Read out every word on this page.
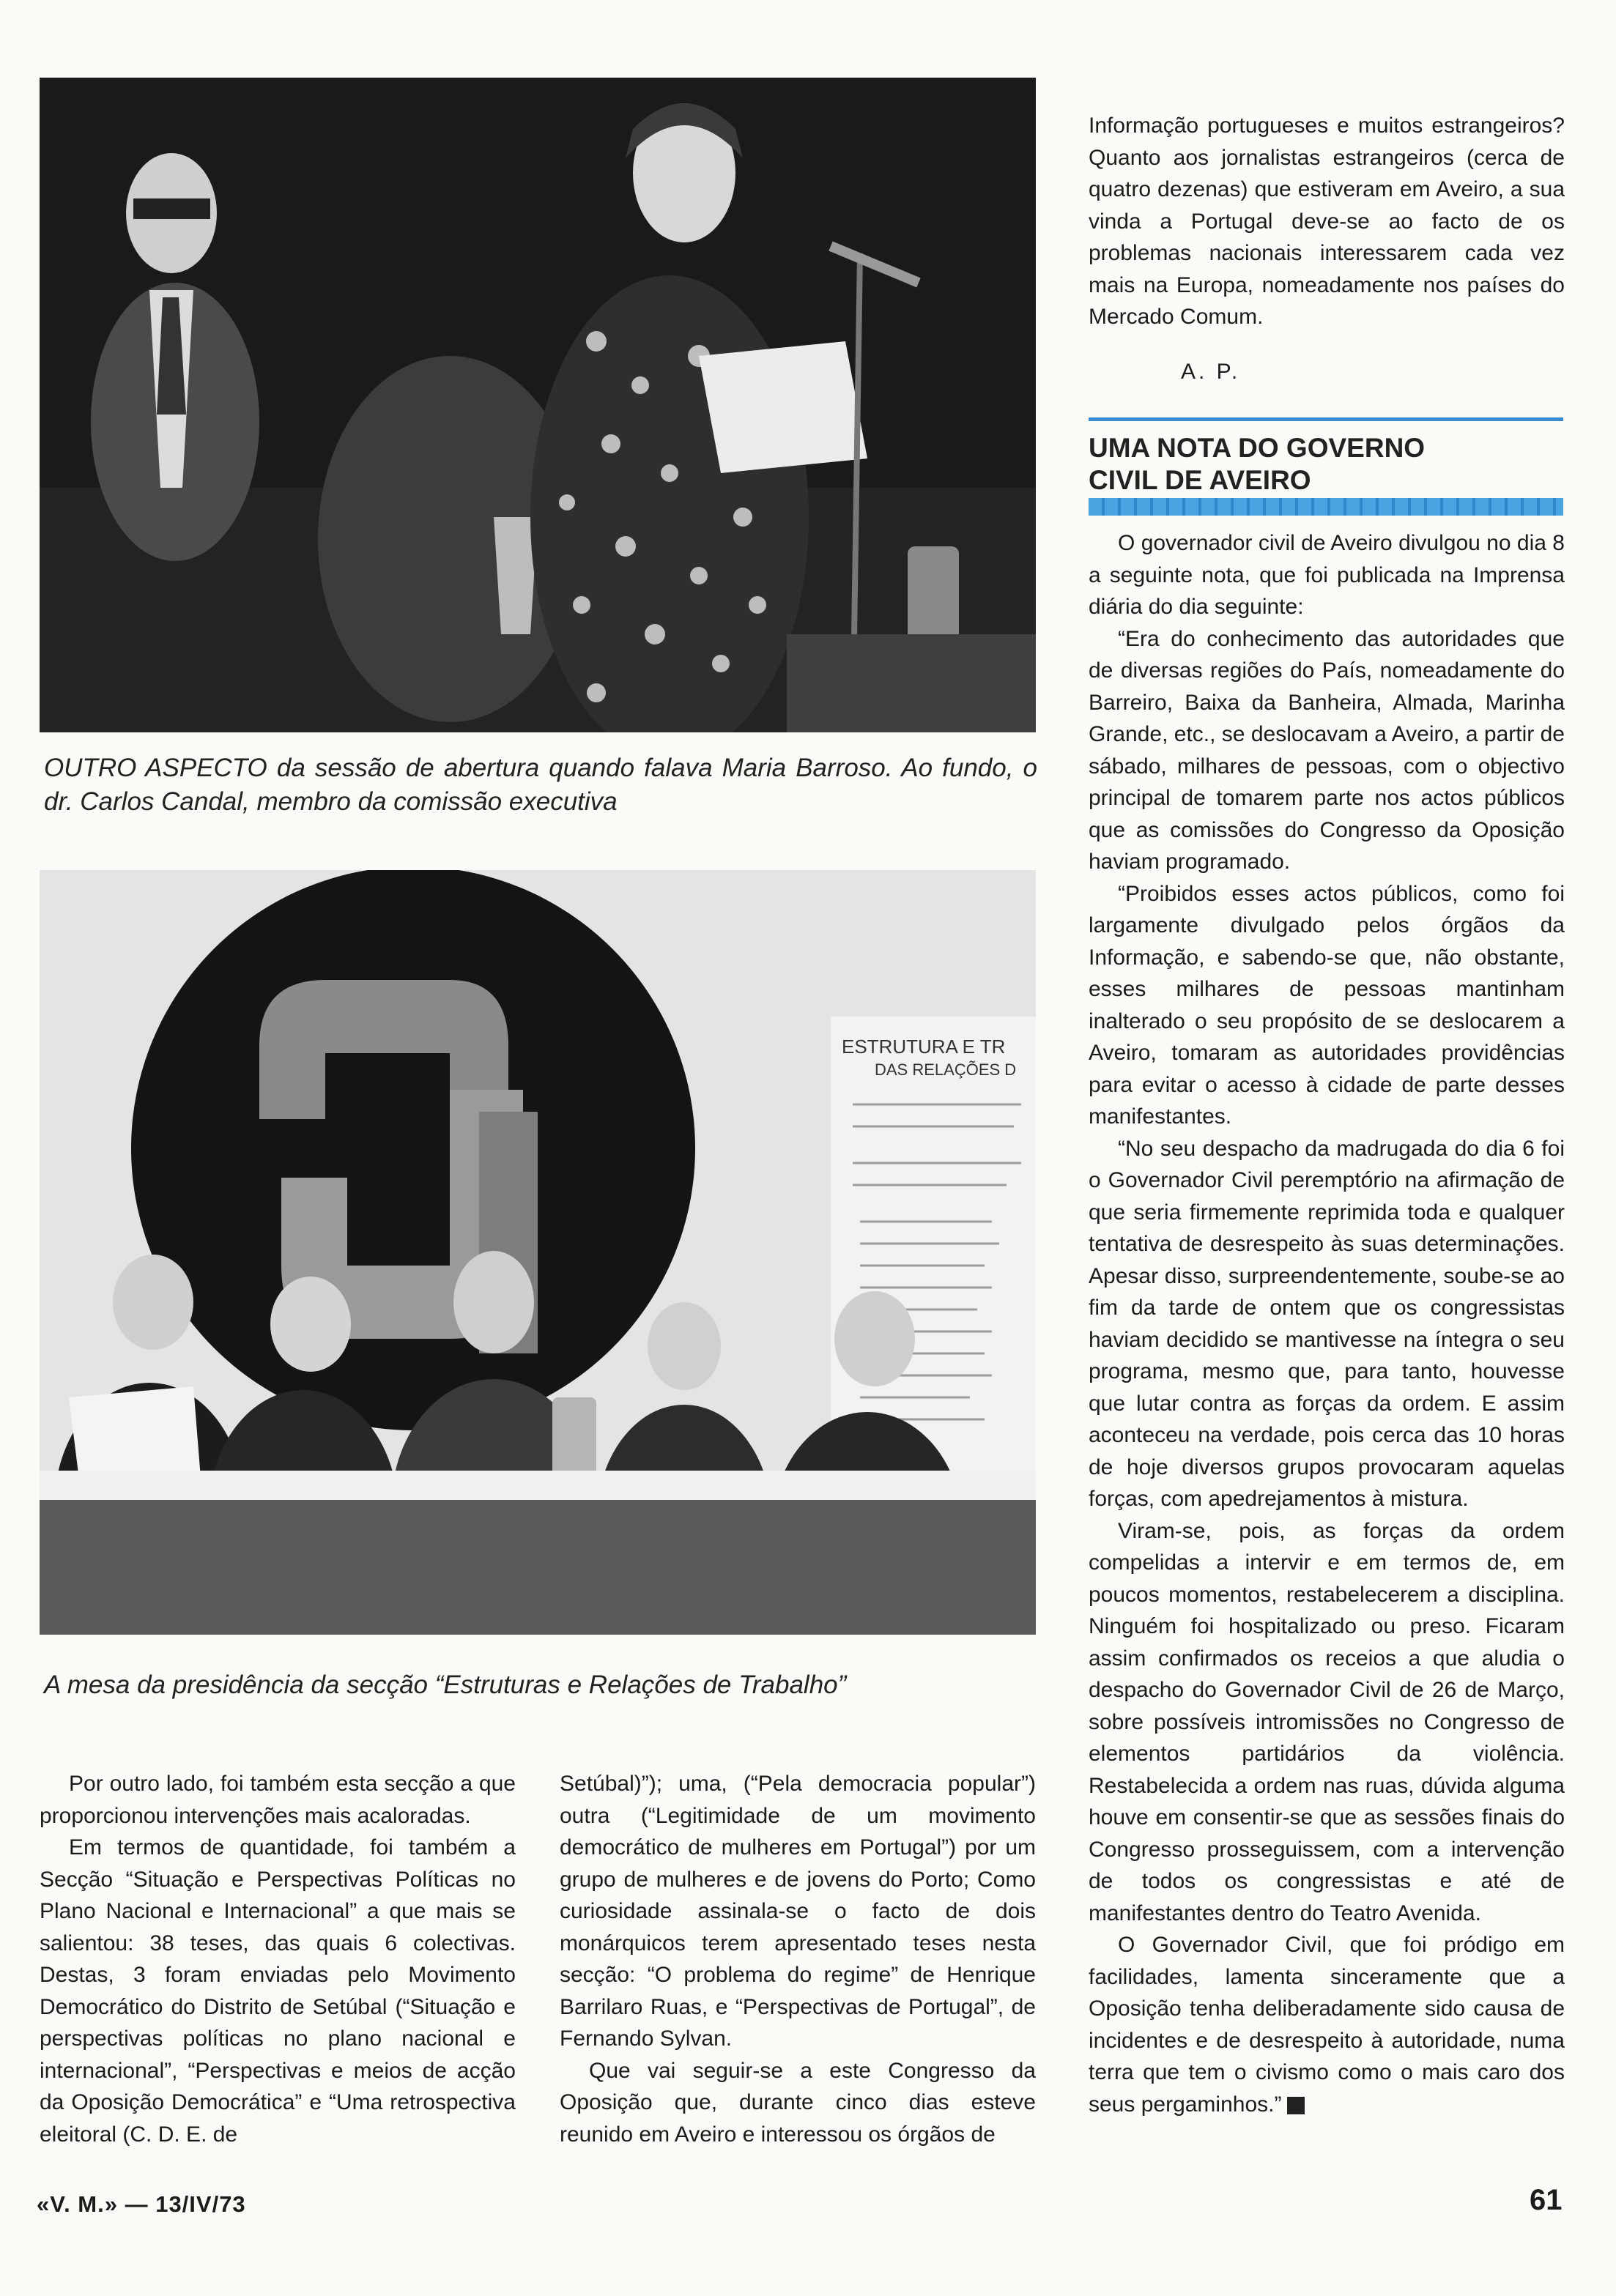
OUTRO ASPECTO da sessão de abertura quando falava Maria Barroso. Ao fundo, o dr. Carlos Candal, membro da comissão executiva
ESTRUTURA E TR
DAS RELAÇÕES D
A mesa da presidência da secção “Estruturas e Relações de Trabalho”

Por outro lado, foi também esta secção a que proporcionou intervenções mais acaloradas.

Em termos de quantidade, foi também a Secção “Situação e Perspectivas Políticas no Plano Nacional e Internacional” a que mais se salientou: 38 teses, das quais 6 colectivas. Destas, 3 foram enviadas pelo Movimento Democrático do Distrito de Setúbal (“Situação e perspectivas políticas no plano nacional e internacional”, “Perspectivas e meios de acção da Oposição Democrática” e “Uma retrospectiva eleitoral (C. D. E. de

Setúbal)”); uma, (“Pela democracia popular”) outra (“Legitimidade de um movimento democrático de mulheres em Portugal”) por um grupo de mulheres e de jovens do Porto; Como curiosidade assinala-se o facto de dois monárquicos terem apresentado teses nesta secção: “O problema do regime” de Henrique Barrilaro Ruas, e “Perspectivas de Portugal”, de Fernando Sylvan.

Que vai seguir-se a este Congresso da Oposição que, durante cinco dias esteve reunido em Aveiro e interessou os órgãos de

Informação portugueses e muitos estrangeiros? Quanto aos jornalistas estrangeiros (cerca de quatro dezenas) que estiveram em Aveiro, a sua vinda a Portugal deve-se ao facto de os problemas nacionais interessarem cada vez mais na Europa, nomeadamente nos países do Mercado Comum.

A. P.
UMA NOTA DO GOVERNO
CIVIL DE AVEIRO

O governador civil de Aveiro divulgou no dia 8 a seguinte nota, que foi publicada na Imprensa diária do dia seguinte:

“Era do conhecimento das autoridades que de diversas regiões do País, nomeadamente do Barreiro, Baixa da Banheira, Almada, Marinha Grande, etc., se deslocavam a Aveiro, a partir de sábado, milhares de pessoas, com o objectivo principal de tomarem parte nos actos públicos que as comissões do Congresso da Oposição haviam programado.

“Proibidos esses actos públicos, como foi largamente divulgado pelos órgãos da Informação, e sabendo-se que, não obstante, esses milhares de pessoas mantinham inalterado o seu propósito de se deslocarem a Aveiro, tomaram as autoridades providências para evitar o acesso à cidade de parte desses manifestantes.

“No seu despacho da madrugada do dia 6 foi o Governador Civil peremptório na afirmação de que seria firmemente reprimida toda e qualquer tentativa de desrespeito às suas determinações. Apesar disso, surpreendentemente, soube-se ao fim da tarde de ontem que os congressistas haviam decidido se mantivesse na íntegra o seu programa, mesmo que, para tanto, houvesse que lutar contra as forças da ordem. E assim aconteceu na verdade, pois cerca das 10 horas de hoje diversos grupos provocaram aquelas forças, com apedrejamentos à mistura.

Viram-se, pois, as forças da ordem compelidas a intervir e em termos de, em poucos momentos, restabelecerem a disciplina. Ninguém foi hospitalizado ou preso. Ficaram assim confirmados os receios a que aludia o despacho do Governador Civil de 26 de Março, sobre possíveis intromissões no Congresso de elementos partidários da violência. Restabelecida a ordem nas ruas, dúvida alguma houve em consentir-se que as sessões finais do Congresso prosseguissem, com a intervenção de todos os congressistas e até de manifestantes dentro do Teatro Avenida.

O Governador Civil, que foi pródigo em facilidades, lamenta sinceramente que a Oposição tenha deliberadamente sido causa de incidentes e de desrespeito à autoridade, numa terra que tem o civismo como o mais caro dos seus pergaminhos.”

«V. M.» — 13/IV/73	61
